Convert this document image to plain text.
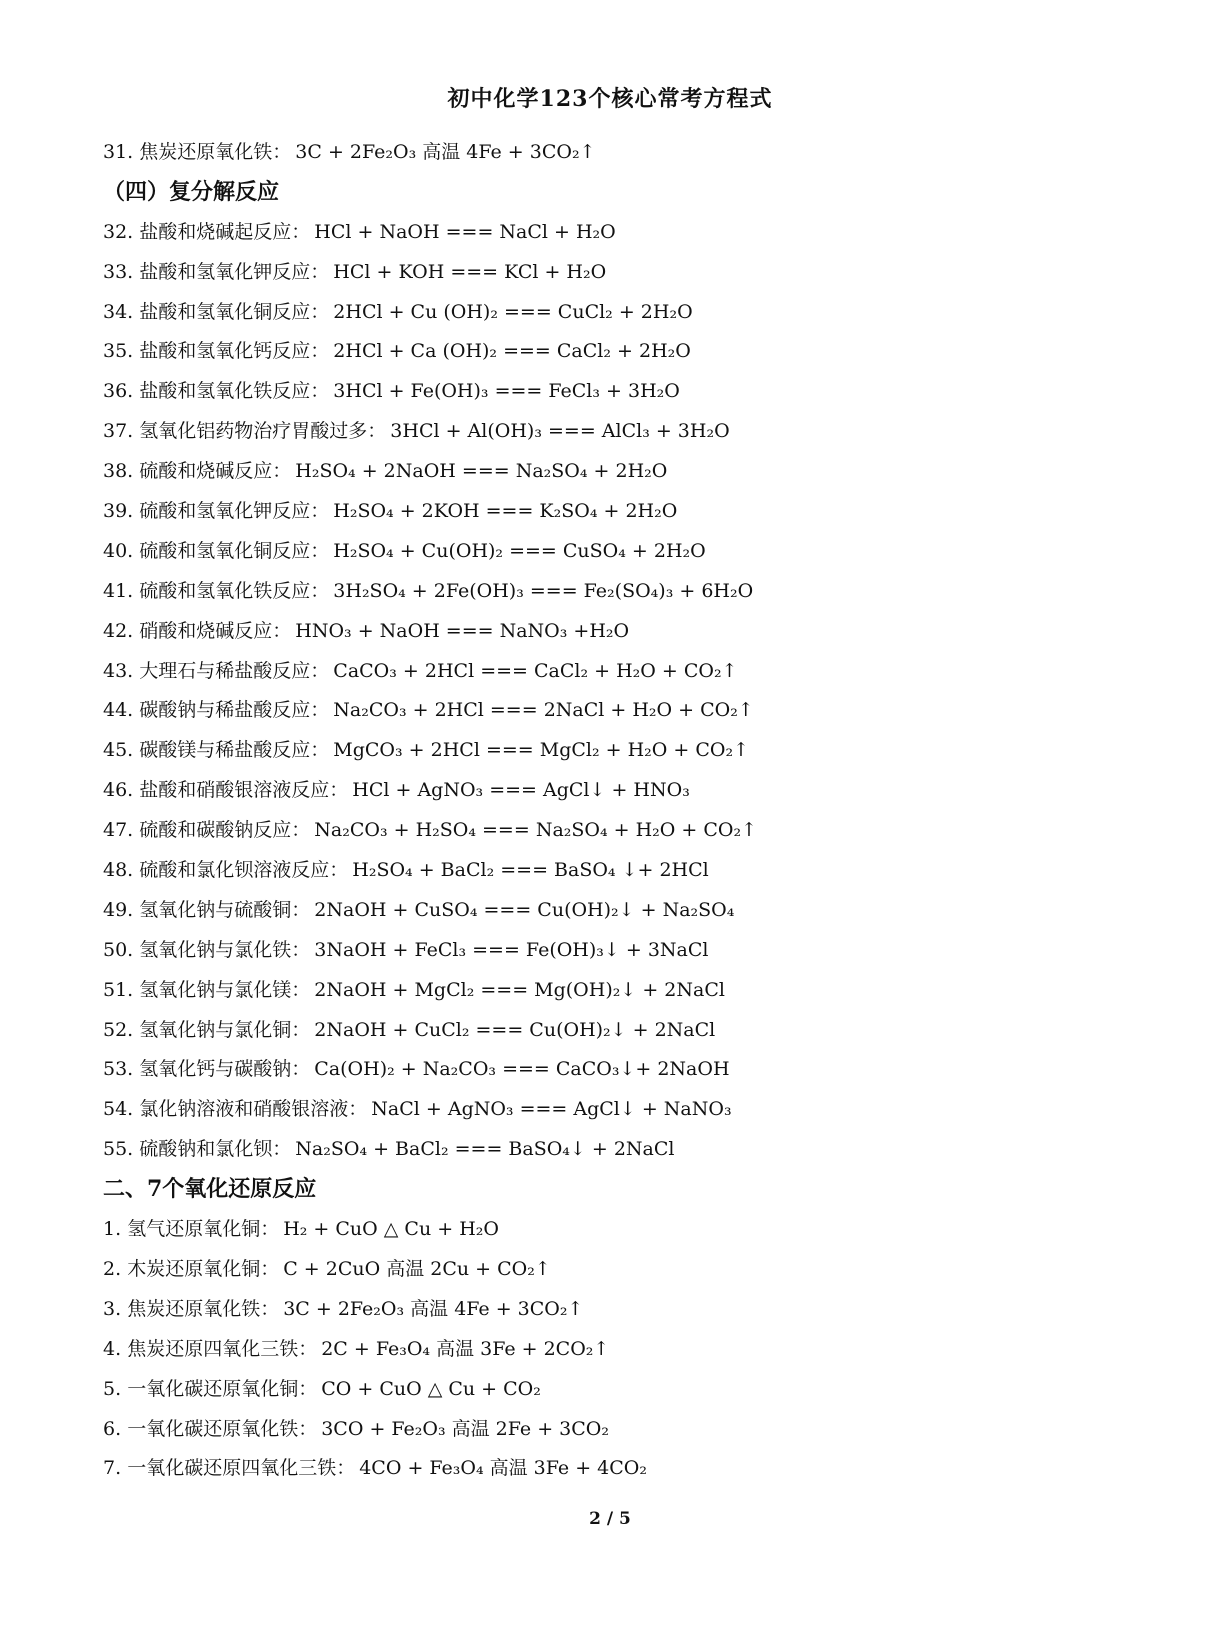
初中化学123个核心常考方程式
31. 焦炭还原氧化铁： 3C + 2Fe₂O₃ 高温 4Fe + 3CO₂↑
（四）复分解反应
32. 盐酸和烧碱起反应： HCl + NaOH === NaCl + H₂O
33. 盐酸和氢氧化钾反应： HCl + KOH === KCl + H₂O
34. 盐酸和氢氧化铜反应： 2HCl + Cu (OH)₂ === CuCl₂ + 2H₂O
35. 盐酸和氢氧化钙反应： 2HCl + Ca (OH)₂ === CaCl₂ + 2H₂O
36. 盐酸和氢氧化铁反应： 3HCl + Fe(OH)₃ === FeCl₃ + 3H₂O
37. 氢氧化铝药物治疗胃酸过多： 3HCl + Al(OH)₃ === AlCl₃ + 3H₂O
38. 硫酸和烧碱反应： H₂SO₄ + 2NaOH === Na₂SO₄ + 2H₂O
39. 硫酸和氢氧化钾反应： H₂SO₄ + 2KOH === K₂SO₄ + 2H₂O
40. 硫酸和氢氧化铜反应： H₂SO₄ + Cu(OH)₂ === CuSO₄ + 2H₂O
41. 硫酸和氢氧化铁反应： 3H₂SO₄ + 2Fe(OH)₃ === Fe₂(SO₄)₃ + 6H₂O
42. 硝酸和烧碱反应： HNO₃ + NaOH === NaNO₃ +H₂O
43. 大理石与稀盐酸反应： CaCO₃ + 2HCl === CaCl₂ + H₂O + CO₂↑
44. 碳酸钠与稀盐酸反应： Na₂CO₃ + 2HCl === 2NaCl + H₂O + CO₂↑
45. 碳酸镁与稀盐酸反应： MgCO₃ + 2HCl === MgCl₂ + H₂O + CO₂↑
46. 盐酸和硝酸银溶液反应： HCl + AgNO₃ === AgCl↓ + HNO₃
47. 硫酸和碳酸钠反应： Na₂CO₃ + H₂SO₄ === Na₂SO₄ + H₂O + CO₂↑
48. 硫酸和氯化钡溶液反应： H₂SO₄ + BaCl₂ === BaSO₄ ↓+ 2HCl
49. 氢氧化钠与硫酸铜： 2NaOH + CuSO₄ === Cu(OH)₂↓ + Na₂SO₄
50. 氢氧化钠与氯化铁： 3NaOH + FeCl₃ === Fe(OH)₃↓ + 3NaCl
51. 氢氧化钠与氯化镁： 2NaOH + MgCl₂ === Mg(OH)₂↓ + 2NaCl
52. 氢氧化钠与氯化铜： 2NaOH + CuCl₂ === Cu(OH)₂↓ + 2NaCl
53. 氢氧化钙与碳酸钠： Ca(OH)₂ + Na₂CO₃ === CaCO₃↓+ 2NaOH
54. 氯化钠溶液和硝酸银溶液： NaCl + AgNO₃ === AgCl↓ + NaNO₃
55. 硫酸钠和氯化钡： Na₂SO₄ + BaCl₂ === BaSO₄↓ + 2NaCl
二、7个氧化还原反应
1. 氢气还原氧化铜： H₂ + CuO △ Cu + H₂O
2. 木炭还原氧化铜： C + 2CuO 高温 2Cu + CO₂↑
3. 焦炭还原氧化铁： 3C + 2Fe₂O₃ 高温 4Fe + 3CO₂↑
4. 焦炭还原四氧化三铁： 2C + Fe₃O₄ 高温 3Fe + 2CO₂↑
5. 一氧化碳还原氧化铜： CO + CuO △ Cu + CO₂
6. 一氧化碳还原氧化铁： 3CO + Fe₂O₃ 高温 2Fe + 3CO₂
7. 一氧化碳还原四氧化三铁： 4CO + Fe₃O₄ 高温 3Fe + 4CO₂
2 / 5
